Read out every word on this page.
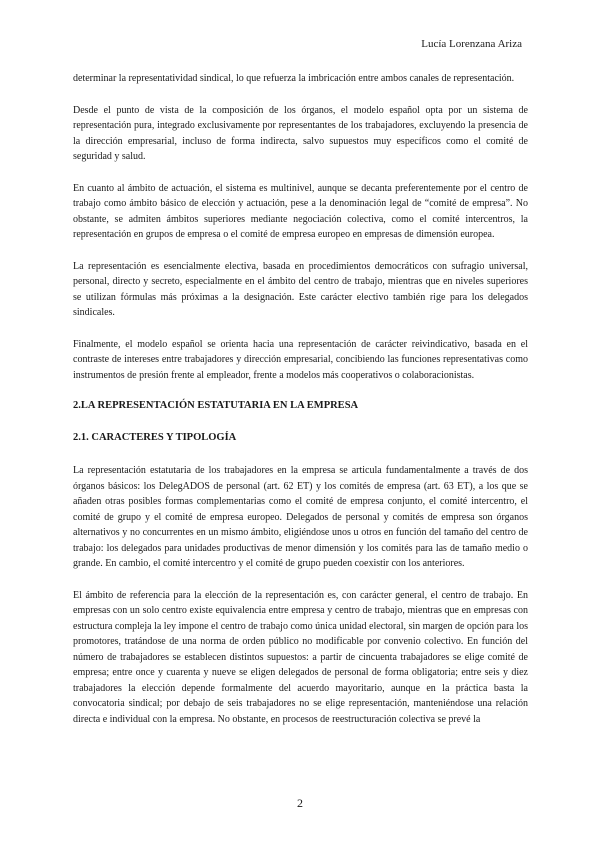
Lucía Lorenzana Ariza

determinar la representatividad sindical, lo que refuerza la imbricación entre ambos canales de representación.

Desde el punto de vista de la composición de los órganos, el modelo español opta por un sistema de representación pura, integrado exclusivamente por representantes de los trabajadores, excluyendo la presencia de la dirección empresarial, incluso de forma indirecta, salvo supuestos muy específicos como el comité de seguridad y salud.

En cuanto al ámbito de actuación, el sistema es multinivel, aunque se decanta preferentemente por el centro de trabajo como ámbito básico de elección y actuación, pese a la denominación legal de “comité de empresa”. No obstante, se admiten ámbitos superiores mediante negociación colectiva, como el comité intercentros, la representación en grupos de empresa o el comité de empresa europeo en empresas de dimensión europea.

La representación es esencialmente electiva, basada en procedimientos democráticos con sufragio universal, personal, directo y secreto, especialmente en el ámbito del centro de trabajo, mientras que en niveles superiores se utilizan fórmulas más próximas a la designación. Este carácter electivo también rige para los delegados sindicales.

Finalmente, el modelo español se orienta hacia una representación de carácter reivindicativo, basada en el contraste de intereses entre trabajadores y dirección empresarial, concibiendo las funciones representativas como instrumentos de presión frente al empleador, frente a modelos más cooperativos o colaboracionistas.

2.LA REPRESENTACIÓN ESTATUTARIA EN LA EMPRESA
2.1. CARACTERES Y TIPOLOGÍA

La representación estatutaria de los trabajadores en la empresa se articula fundamentalmente a través de dos órganos básicos: los DelegADOS de personal (art. 62 ET) y los comités de empresa (art. 63 ET), a los que se añaden otras posibles formas complementarias como el comité de empresa conjunto, el comité intercentro, el comité de grupo y el comité de empresa europeo. Delegados de personal y comités de empresa son órganos alternativos y no concurrentes en un mismo ámbito, eligiéndose unos u otros en función del tamaño del centro de trabajo: los delegados para unidades productivas de menor dimensión y los comités para las de tamaño medio o grande. En cambio, el comité intercentro y el comité de grupo pueden coexistir con los anteriores.

El ámbito de referencia para la elección de la representación es, con carácter general, el centro de trabajo. En empresas con un solo centro existe equivalencia entre empresa y centro de trabajo, mientras que en empresas con estructura compleja la ley impone el centro de trabajo como única unidad electoral, sin margen de opción para los promotores, tratándose de una norma de orden público no modificable por convenio colectivo. En función del número de trabajadores se establecen distintos supuestos: a partir de cincuenta trabajadores se elige comité de empresa; entre once y cuarenta y nueve se eligen delegados de personal de forma obligatoria; entre seis y diez trabajadores la elección depende formalmente del acuerdo mayoritario, aunque en la práctica basta la convocatoria sindical; por debajo de seis trabajadores no se elige representación, manteniéndose una relación directa e individual con la empresa. No obstante, en procesos de reestructuración colectiva se prevé la

2
